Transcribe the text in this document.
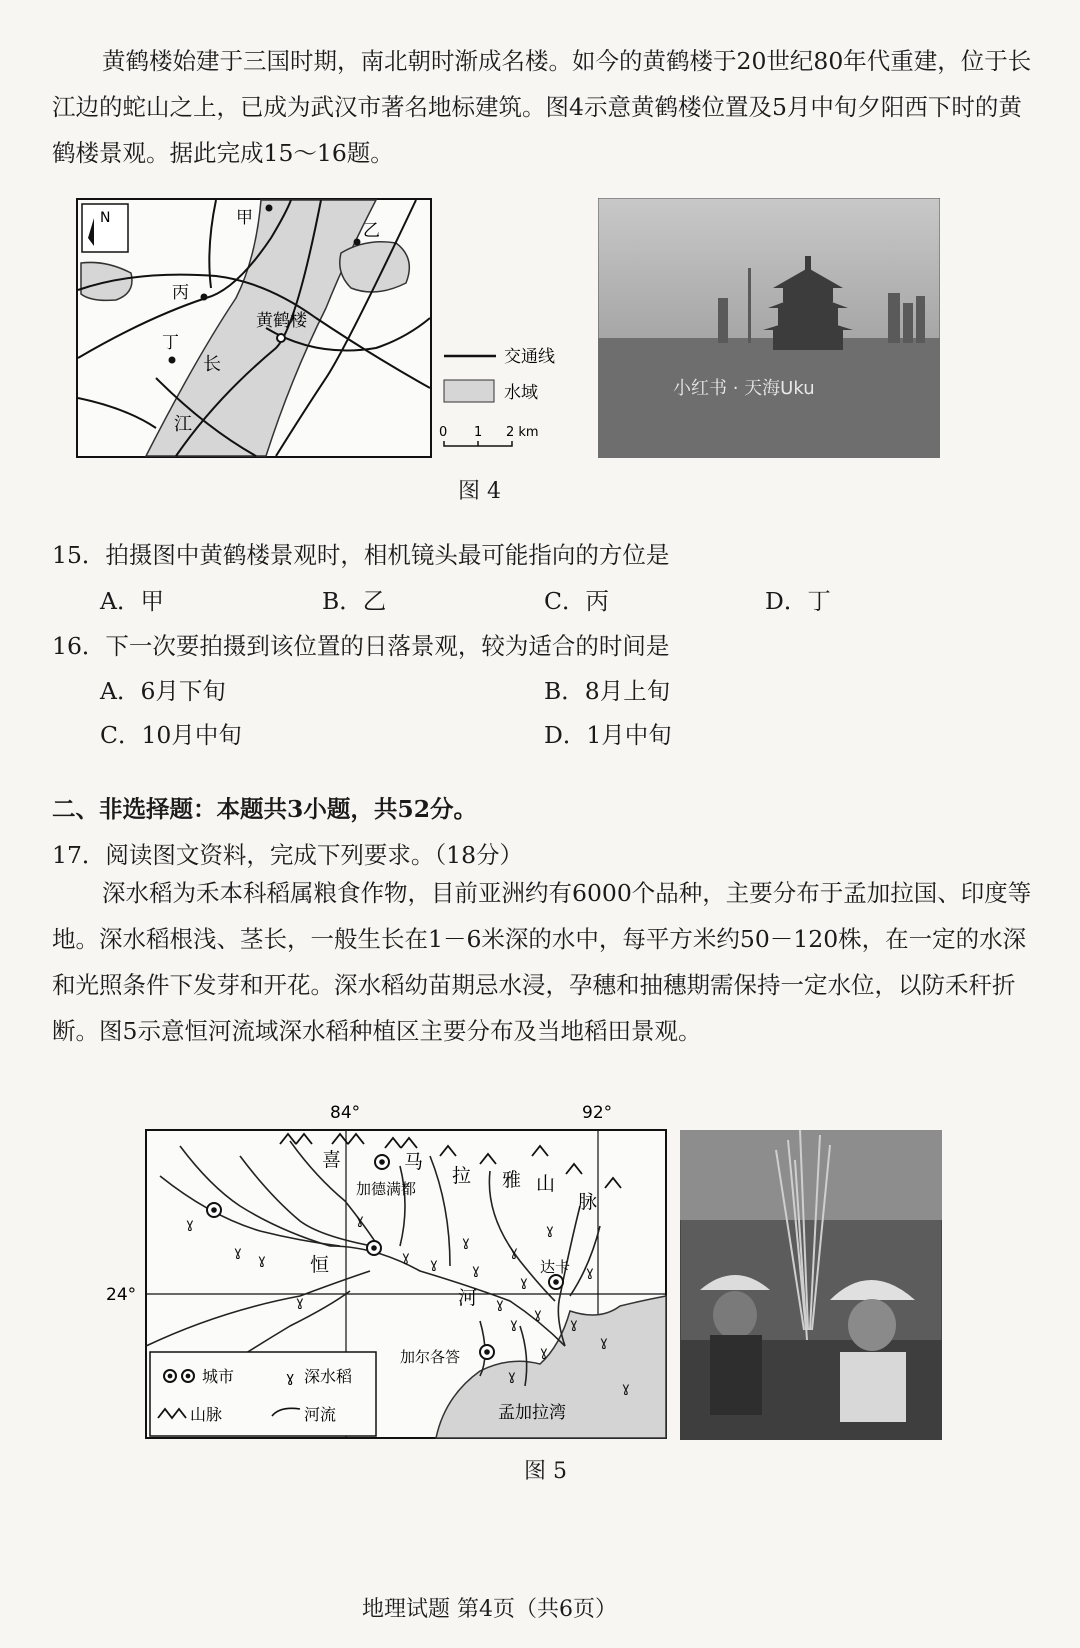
黄鹤楼始建于三国时期，南北朝时渐成名楼。如今的黄鹤楼于20世纪80年代重建，位于长江边的蛇山之上，已成为武汉市著名地标建筑。图4示意黄鹤楼位置及5月中旬夕阳西下时的黄鹤楼景观。据此完成15～16题。
N	甲
乙
丙
丁
黄鹤楼
长
江
交通线
水域
0 1 2 km
小红书 · 天海Uku
图 4
15．拍摄图中黄鹤楼景观时，相机镜头最可能指向的方位是
A．甲	B．乙	C．丙	D．丁
16．下一次要拍摄到该位置的日落景观，较为适合的时间是
A．6月下旬	B．8月上旬
C．10月中旬	D．1月中旬
二、非选择题：本题共3小题，共52分。
17．阅读图文资料，完成下列要求。（18分）
深水稻为禾本科稻属粮食作物，目前亚洲约有6000个品种，主要分布于孟加拉国、印度等地。深水稻根浅、茎长，一般生长在1－6米深的水中，每平方米约50－120株，在一定的水深和光照条件下发芽和开花。深水稻幼苗期忌水浸，孕穗和抽穗期需保持一定水位，以防禾秆折断。图5示意恒河流域深水稻种植区主要分布及当地稻田景观。
84°	92°
24°
ɣ
ɣ
ɣ
ɣ
ɣ
ɣ ɣ
ɣ
ɣ
ɣ
ɣ
ɣ
ɣ
ɣ
ɣ
ɣ
ɣ
ɣ
ɣ
ɣ
ɣ
喜	马
拉 雅 山
脉
加德满都
恒
河
达卡
加尔各答
孟加拉湾
城市	ɣ 深水稻
山脉	河流
图 5
地理试题 第4页（共6页）
